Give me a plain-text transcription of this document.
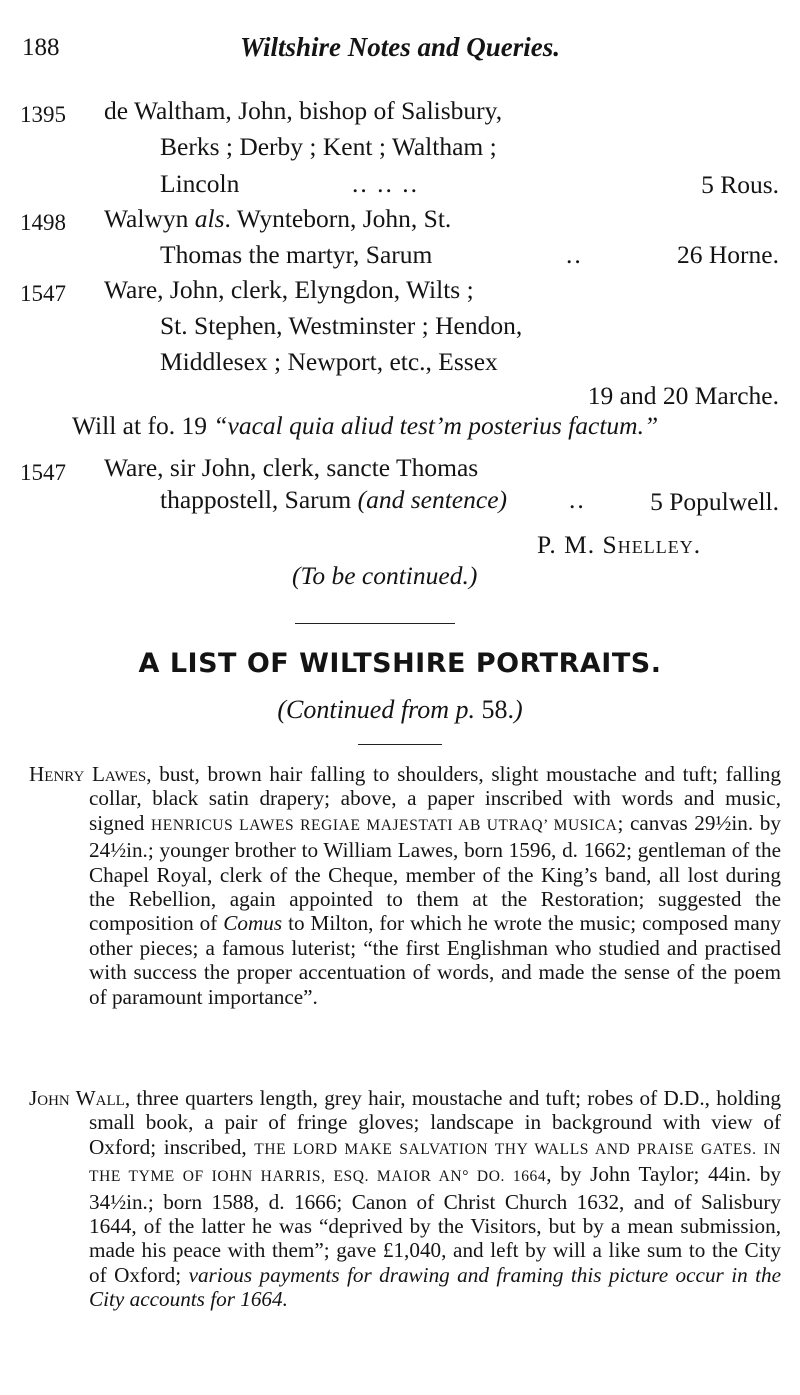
188	Wiltshire Notes and Queries.
1395 de Waltham, John, bishop of Salisbury,
Berks ; Derby ; Kent ; Waltham ;
Lincoln	.. .. ..	5 Rous.
1498 Walwyn als. Wynteborn, John, St.
Thomas the martyr, Sarum	..	26 Horne.
1547 Ware, John, clerk, Elyngdon, Wilts ;
St. Stephen, Westminster ; Hendon,
Middlesex ; Newport, etc., Essex
19 and 20 Marche.
Will at fo. 19 “vacal quia aliud test’m posterius factum.”
1547 Ware, sir John, clerk, sancte Thomas
thappostell, Sarum (and sentence) ..	5 Populwell.
P. M. Shelley.
(To be continued.)
A LIST OF WILTSHIRE PORTRAITS.
(Continued from p. 58.)
Henry Lawes, bust, brown hair falling to shoulders, slight moustache and tuft; falling collar, black satin drapery; above, a paper inscribed with words and music, signed HENRICUS LAWES REGIAE MAJESTATI AB UTRAQ’ MUSICA; canvas 29½in. by 24½in.; younger brother to William Lawes, born 1596, d. 1662; gentleman of the Chapel Royal, clerk of the Cheque, member of the King’s band, all lost during the Rebellion, again appointed to them at the Restoration; suggested the composition of Comus to Milton, for which he wrote the music; composed many other pieces; a famous luterist; “the first Englishman who studied and practised with success the proper accentuation of words, and made the sense of the poem of paramount importance”.
John Wall, three quarters length, grey hair, moustache and tuft; robes of D.D., holding small book, a pair of fringe gloves; landscape in background with view of Oxford; inscribed, THE LORD MAKE SALVATION THY WALLS AND PRAISE GATES. IN THE TYME OF IOHN HARRIS, ESQ. MAIOR AN° DO. 1664, by John Taylor; 44in. by 34½in.; born 1588, d. 1666; Canon of Christ Church 1632, and of Salisbury 1644, of the latter he was “deprived by the Visitors, but by a mean submission, made his peace with them”; gave £1,040, and left by will a like sum to the City of Oxford; various payments for drawing and framing this picture occur in the City accounts for 1664.
